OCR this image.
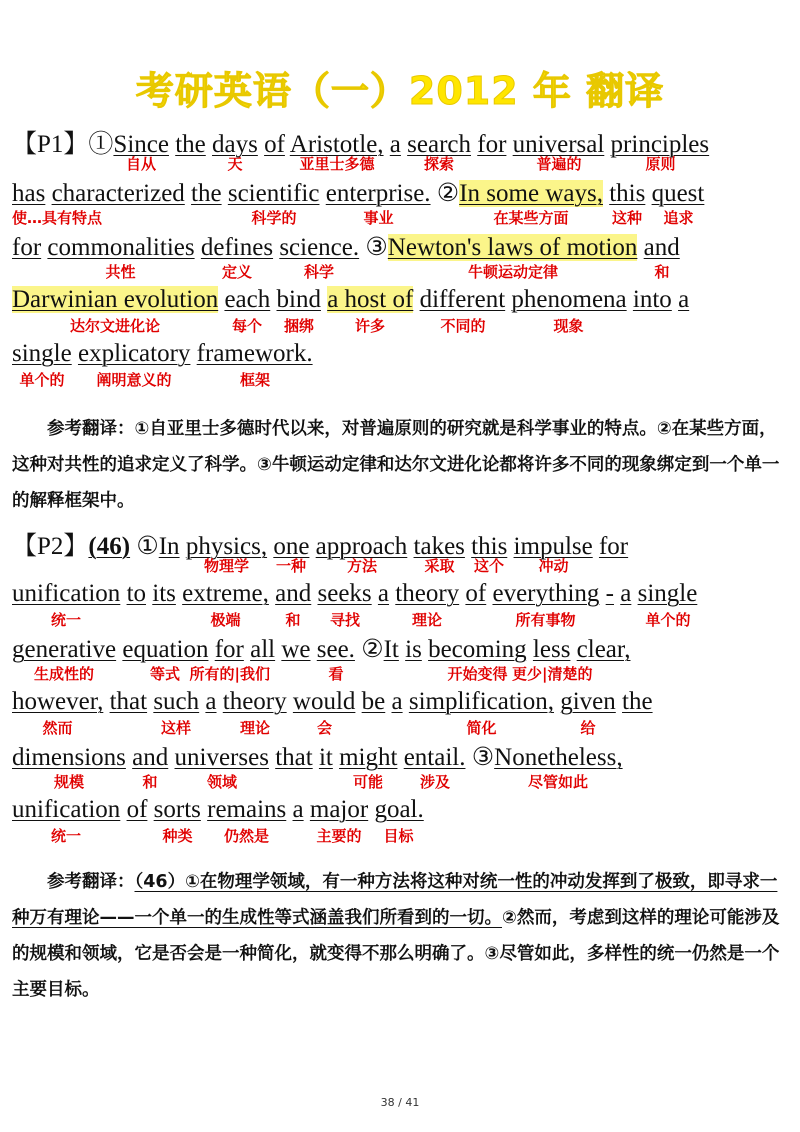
考研英语（一）2012 年 翻译
【P1】①Since the days of Aristotle, a search for universal principles
自从	天	亚里士多德	探索	普遍的	原则
has characterized the scientific enterprise. ②In some ways, this quest
使…具有特点	科学的	事业	在某些方面	这种 追求
for commonalities defines science. ③Newton's laws of motion and
共性	定义	科学	牛顿运动定律	和
Darwinian evolution each bind a host of different phenomena into a
达尔文进化论	每个 捆绑	许多	不同的	现象
single explicatory framework.
单个的 阐明意义的	框架
参考翻译：①自亚里士多德时代以来，对普遍原则的研究就是科学事业的特点。②在某些方面，这种对共性的追求定义了科学。③牛顿运动定律和达尔文进化论都将许多不同的现象绑定到一个单一的解释框架中。
【P2】(46) ①In physics, one approach takes this impulse for
物理学 一种	方法	采取 这个 冲动
unification to its extreme, and seeks a theory of everything - a single
统一	极端	和 寻找	理论	所有事物	单个的
generative equation for all we see. ②It is becoming less clear,
生成性的	等式 所有的|我们	看	开始变得 更少|清楚的
however, that such a theory would be a simplification, given the
然而	这样	理论	会	简化	给
dimensions and universes that it might entail. ③Nonetheless,
规模	和	领域	可能 涉及	尽管如此
unification of sorts remains a major goal.
统一	种类 仍然是	主要的 目标
参考翻译：（46）①在物理学领域，有一种方法将这种对统一性的冲动发挥到了极致，即寻求一种万有理论——一个单一的生成性等式涵盖我们所看到的一切。②然而，考虑到这样的理论可能涉及的规模和领域，它是否会是一种简化，就变得不那么明确了。③尽管如此，多样性的统一仍然是一个主要目标。
38 / 41
